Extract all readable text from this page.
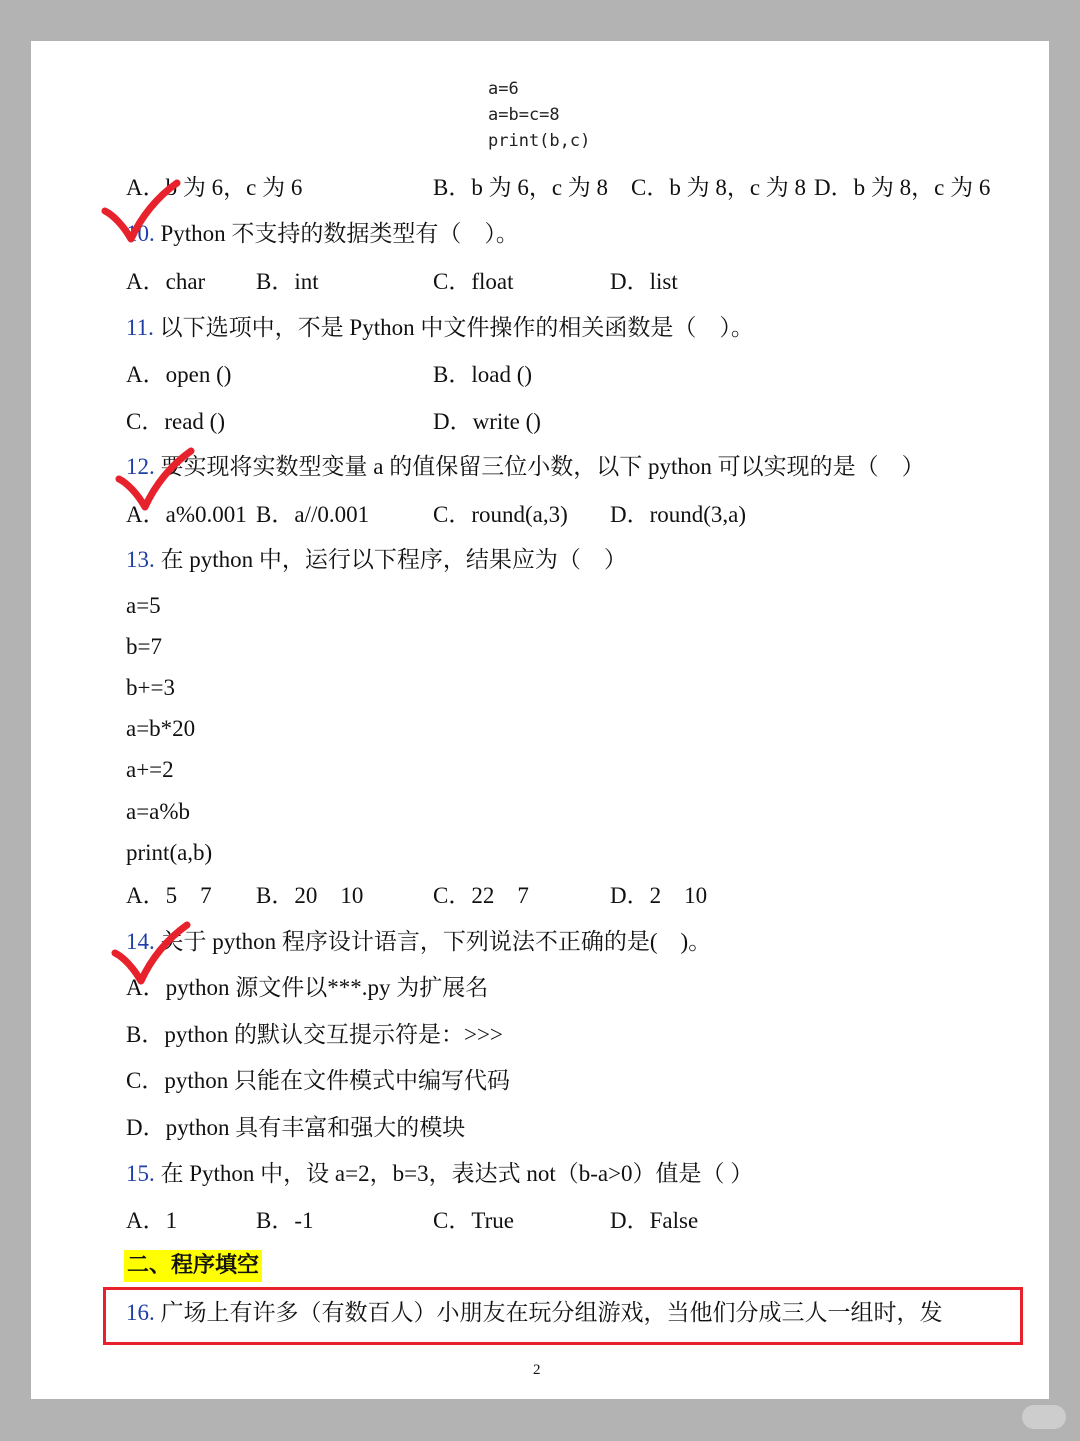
a=6
a=b=c=8
print(b,c)
A．b 为 6，c 为 6	B．b 为 6，c 为 8 C．b 为 8，c 为 8 D．b 为 8，c 为 6
10. Python 不支持的数据类型有（　）。
A．char B．int	C．float	D．list
11. 以下选项中，不是 Python 中文件操作的相关函数是（　）。
A．open ()	B．load ()
C．read ()	D．write ()
12. 要实现将实数型变量 a 的值保留三位小数，以下 python 可以实现的是（　）
A．a%0.001 B．a//0.001	C．round(a,3) D．round(3,a)
13. 在 python 中，运行以下程序，结果应为（　）
a=5
b=7
b+=3
a=b*20
a+=2
a=a%b
print(a,b)
A．5　7 B．20　10	C．22　7	D．2　10
14. 关于 python 程序设计语言，下列说法不正确的是(　)。
A．python 源文件以***.py 为扩展名
B．python 的默认交互提示符是：>>>
C．python 只能在文件模式中编写代码
D．python 具有丰富和强大的模块
15. 在 Python 中，设 a=2，b=3，表达式 not（b-a>0）值是（ ）
A．1	B．-1	C．True	D．False
二、程序填空
16. 广场上有许多（有数百人）小朋友在玩分组游戏，当他们分成三人一组时，发
2
